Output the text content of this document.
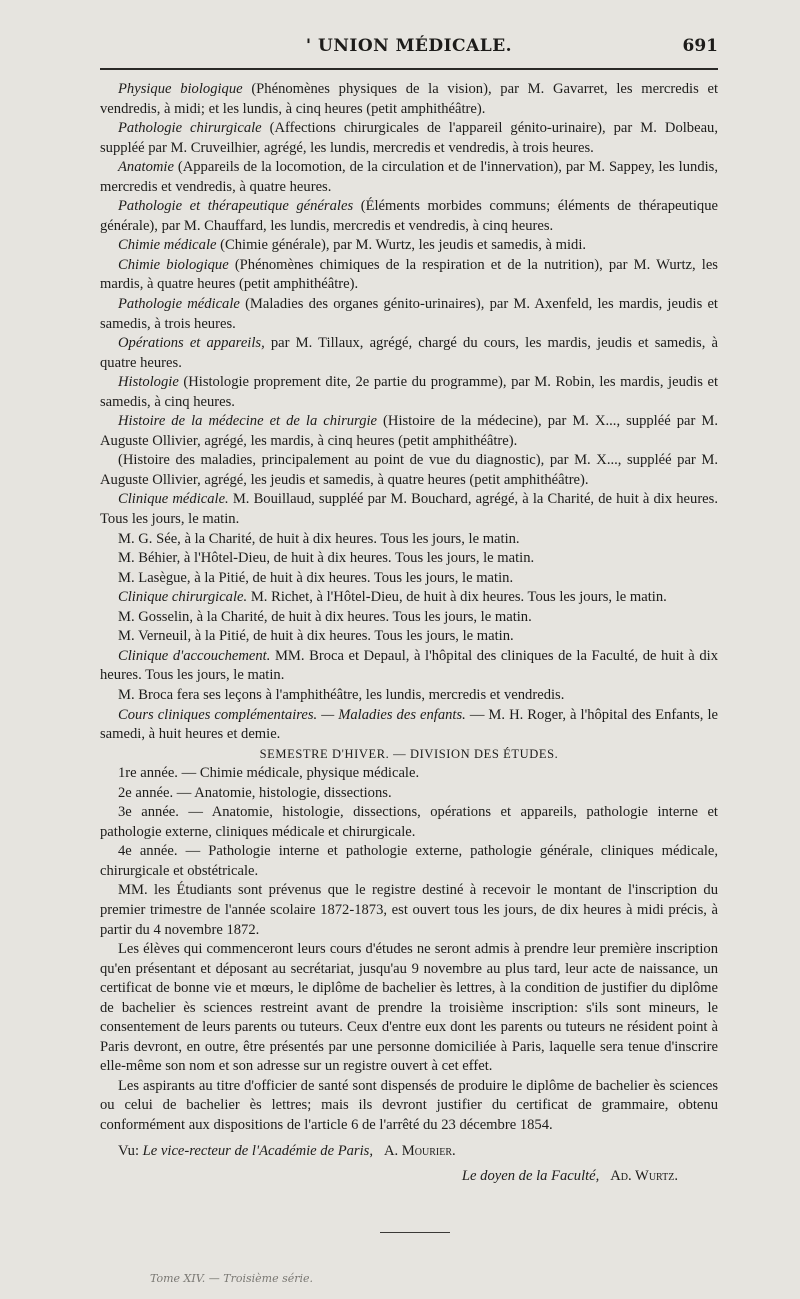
' UNION MÉDICALE.	691

Physique biologique (Phénomènes physiques de la vision), par M. Gavarret, les mercredis et vendredis, à midi; et les lundis, à cinq heures (petit amphithéâtre).

Pathologie chirurgicale (Affections chirurgicales de l'appareil génito-urinaire), par M. Dolbeau, suppléé par M. Cruveilhier, agrégé, les lundis, mercredis et vendredis, à trois heures.

Anatomie (Appareils de la locomotion, de la circulation et de l'innervation), par M. Sappey, les lundis, mercredis et vendredis, à quatre heures.

Pathologie et thérapeutique générales (Éléments morbides communs; éléments de thérapeutique générale), par M. Chauffard, les lundis, mercredis et vendredis, à cinq heures.

Chimie médicale (Chimie générale), par M. Wurtz, les jeudis et samedis, à midi.

Chimie biologique (Phénomènes chimiques de la respiration et de la nutrition), par M. Wurtz, les mardis, à quatre heures (petit amphithéâtre).

Pathologie médicale (Maladies des organes génito-urinaires), par M. Axenfeld, les mardis, jeudis et samedis, à trois heures.

Opérations et appareils, par M. Tillaux, agrégé, chargé du cours, les mardis, jeudis et samedis, à quatre heures.

Histologie (Histologie proprement dite, 2e partie du programme), par M. Robin, les mardis, jeudis et samedis, à cinq heures.

Histoire de la médecine et de la chirurgie (Histoire de la médecine), par M. X..., suppléé par M. Auguste Ollivier, agrégé, les mardis, à cinq heures (petit amphithéâtre).

(Histoire des maladies, principalement au point de vue du diagnostic), par M. X..., suppléé par M. Auguste Ollivier, agrégé, les jeudis et samedis, à quatre heures (petit amphithéâtre).

Clinique médicale. M. Bouillaud, suppléé par M. Bouchard, agrégé, à la Charité, de huit à dix heures. Tous les jours, le matin.

M. G. Sée, à la Charité, de huit à dix heures. Tous les jours, le matin.

M. Béhier, à l'Hôtel-Dieu, de huit à dix heures. Tous les jours, le matin.

M. Lasègue, à la Pitié, de huit à dix heures. Tous les jours, le matin.

Clinique chirurgicale. M. Richet, à l'Hôtel-Dieu, de huit à dix heures. Tous les jours, le matin.

M. Gosselin, à la Charité, de huit à dix heures. Tous les jours, le matin.

M. Verneuil, à la Pitié, de huit à dix heures. Tous les jours, le matin.

Clinique d'accouchement. MM. Broca et Depaul, à l'hôpital des cliniques de la Faculté, de huit à dix heures. Tous les jours, le matin.

M. Broca fera ses leçons à l'amphithéâtre, les lundis, mercredis et vendredis.

Cours cliniques complémentaires. — Maladies des enfants. — M. H. Roger, à l'hôpital des Enfants, le samedi, à huit heures et demie.

SEMESTRE D'HIVER. — DIVISION DES ÉTUDES.

1re année. — Chimie médicale, physique médicale.

2e année. — Anatomie, histologie, dissections.

3e année. — Anatomie, histologie, dissections, opérations et appareils, pathologie interne et pathologie externe, cliniques médicale et chirurgicale.

4e année. — Pathologie interne et pathologie externe, pathologie générale, cliniques médicale, chirurgicale et obstétricale.

MM. les Étudiants sont prévenus que le registre destiné à recevoir le montant de l'inscription du premier trimestre de l'année scolaire 1872-1873, est ouvert tous les jours, de dix heures à midi précis, à partir du 4 novembre 1872.

Les élèves qui commenceront leurs cours d'études ne seront admis à prendre leur première inscription qu'en présentant et déposant au secrétariat, jusqu'au 9 novembre au plus tard, leur acte de naissance, un certificat de bonne vie et mœurs, le diplôme de bachelier ès lettres, à la condition de justifier du diplôme de bachelier ès sciences restreint avant de prendre la troisième inscription: s'ils sont mineurs, le consentement de leurs parents ou tuteurs. Ceux d'entre eux dont les parents ou tuteurs ne résident point à Paris devront, en outre, être présentés par une personne domiciliée à Paris, laquelle sera tenue d'inscrire elle-même son nom et son adresse sur un registre ouvert à cet effet.

Les aspirants au titre d'officier de santé sont dispensés de produire le diplôme de bachelier ès sciences ou celui de bachelier ès lettres; mais ils devront justifier du certificat de grammaire, obtenu conformément aux dispositions de l'article 6 de l'arrêté du 23 décembre 1854.

Vu: Le vice-recteur de l'Académie de Paris, A. Mourier.

Le doyen de la Faculté, Ad. Wurtz.

Tome XIV. — Troisième série.
